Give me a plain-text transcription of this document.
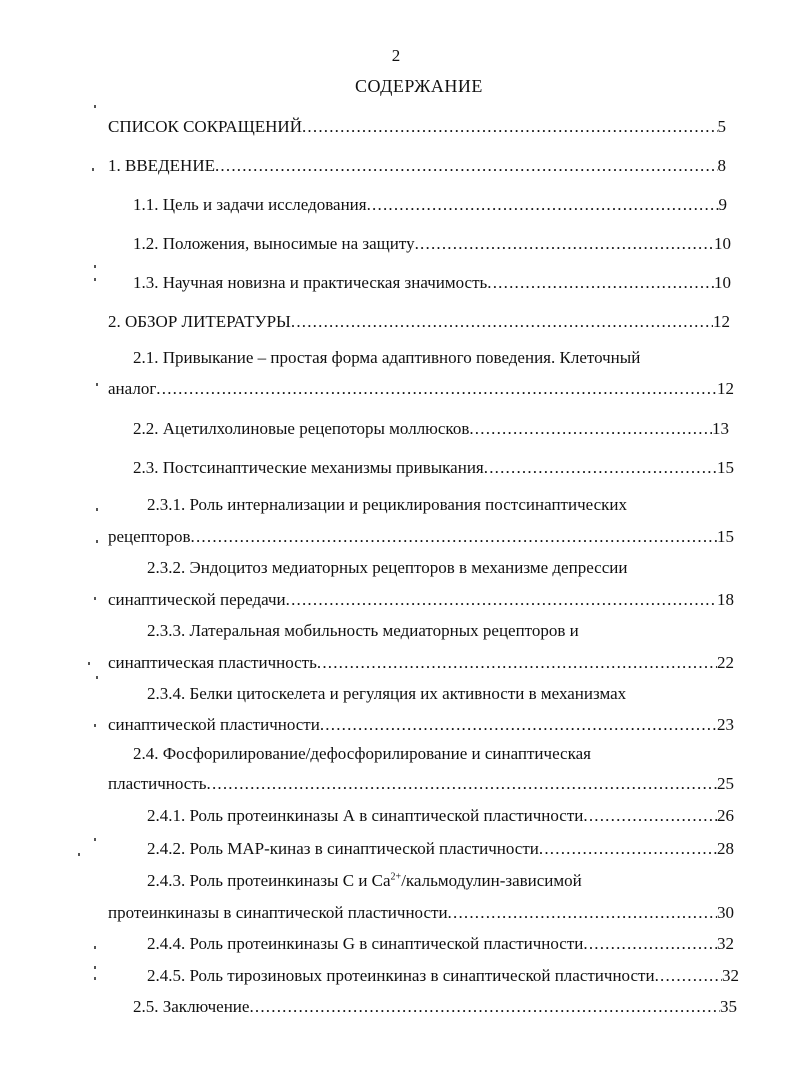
2
СОДЕРЖАНИЕ
СПИСОК СОКРАЩЕНИЙ .....	5
1. ВВЕДЕНИЕ .....	8
1.1. Цель и задачи исследования .....	9
1.2. Положения, выносимые на защиту .....	10
1.3. Научная новизна и практическая значимость .....	10
2. ОБЗОР ЛИТЕРАТУРЫ .....	12
2.1. Привыкание – простая форма адаптивного поведения. Клеточный
аналог .....	12
2.2. Ацетилхолиновые рецепоторы моллюсков .....	13
2.3. Постсинаптические механизмы привыкания .....	15
2.3.1. Роль интернализации и рециклирования постсинаптических
рецепторов .....	15
2.3.2. Эндоцитоз медиаторных рецепторов в механизме депрессии
синаптической передачи .....	18
2.3.3. Латеральная мобильность медиаторных рецепторов и
синаптическая пластичность .....	22
2.3.4. Белки цитоскелета и регуляция их активности в механизмах
синаптической пластичности .....	23
2.4. Фосфорилирование/дефосфорилирование и синаптическая
пластичность .....	25
2.4.1. Роль протеинкиназы А в синаптической пластичности .....	26
2.4.2. Роль MAP-киназ в синаптической пластичности .....	28
2.4.3. Роль протеинкиназы С и $Ca^{2+}/кальмодулин$-зависимой
протеинкиназы в синаптической пластичности .....	30
2.4.4. Роль протеинкиназы G в синаптической пластичности .....	32
2.4.5. Роль тирозиновых протеинкиназ в синаптической пластичности .....	32
2.5. Заключение .....	35
